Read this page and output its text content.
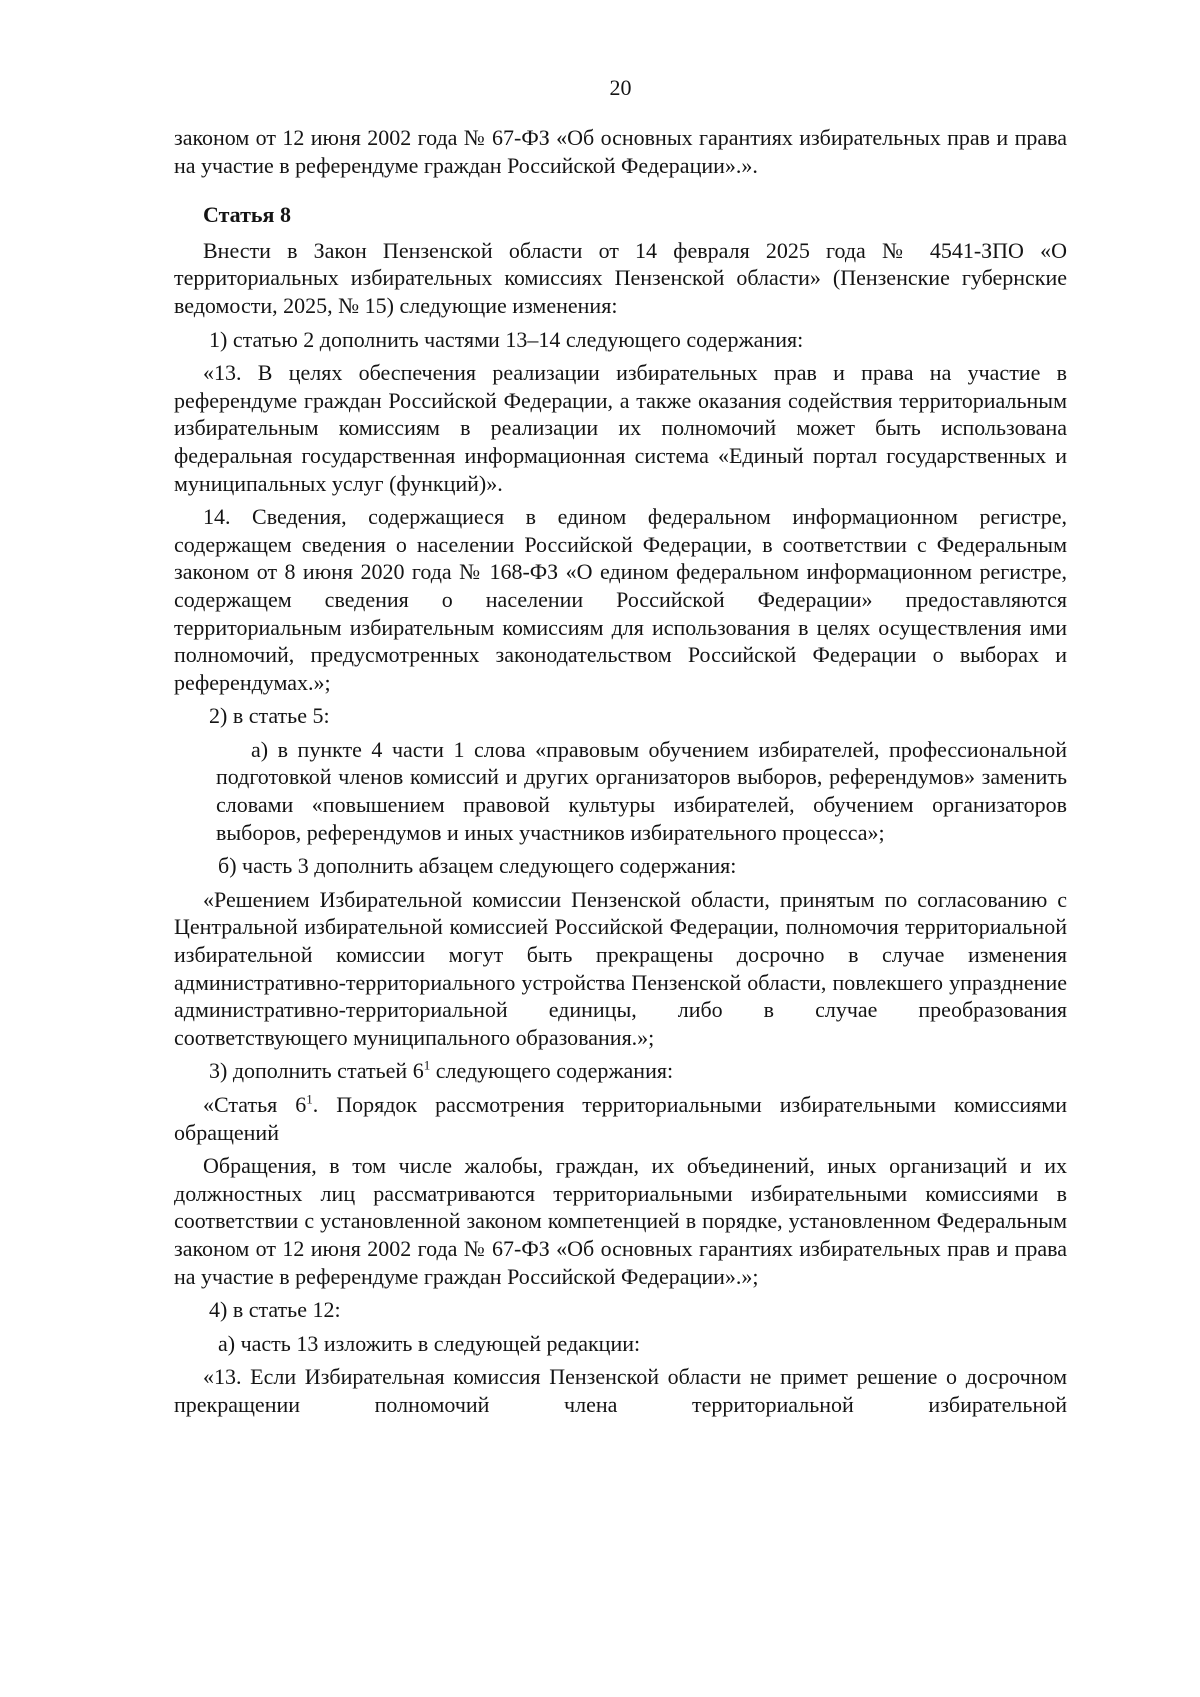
20

законом от 12 июня 2002 года № 67-ФЗ «Об основных гарантиях избирательных прав и права на участие в референдуме граждан Российской Федерации».».

Статья 8

Внести в Закон Пензенской области от 14 февраля 2025 года № 4541-ЗПО «О территориальных избирательных комиссиях Пензенской области» (Пензенские губернские ведомости, 2025, № 15) следующие изменения:

1) статью 2 дополнить частями 13–14 следующего содержания:

«13. В целях обеспечения реализации избирательных прав и права на участие в референдуме граждан Российской Федерации, а также оказания содействия территориальным избирательным комиссиям в реализации их полномочий может быть использована федеральная государственная информационная система «Единый портал государственных и муниципальных услуг (функций)».

14. Сведения, содержащиеся в едином федеральном информационном регистре, содержащем сведения о населении Российской Федерации, в соответствии с Федеральным законом от 8 июня 2020 года № 168-ФЗ «О едином федеральном информационном регистре, содержащем сведения о населении Российской Федерации» предоставляются территориальным избирательным комиссиям для использования в целях осуществления ими полномочий, предусмотренных законодательством Российской Федерации о выборах и референдумах.»;

2) в статье 5:

а) в пункте 4 части 1 слова «правовым обучением избирателей, профессиональной подготовкой членов комиссий и других организаторов выборов, референдумов» заменить словами «повышением правовой культуры избирателей, обучением организаторов выборов, референдумов и иных участников избирательного процесса»;

б) часть 3 дополнить абзацем следующего содержания:

«Решением Избирательной комиссии Пензенской области, принятым по согласованию с Центральной избирательной комиссией Российской Федерации, полномочия территориальной избирательной комиссии могут быть прекращены досрочно в случае изменения административно-территориального устройства Пензенской области, повлекшего упразднение административно-территориальной единицы, либо в случае преобразования соответствующего муниципального образования.»;

3) дополнить статьей $6^1$ следующего содержания:

«Статья $6^1$. Порядок рассмотрения территориальными избирательными комиссиями обращений

Обращения, в том числе жалобы, граждан, их объединений, иных организаций и их должностных лиц рассматриваются территориальными избирательными комиссиями в соответствии с установленной законом компетенцией в порядке, установленном Федеральным законом от 12 июня 2002 года № 67-ФЗ «Об основных гарантиях избирательных прав и права на участие в референдуме граждан Российской Федерации».»;

4) в статье 12:

а) часть 13 изложить в следующей редакции:

«13. Если Избирательная комиссия Пензенской области не примет решение о досрочном прекращении полномочий члена территориальной избирательной
